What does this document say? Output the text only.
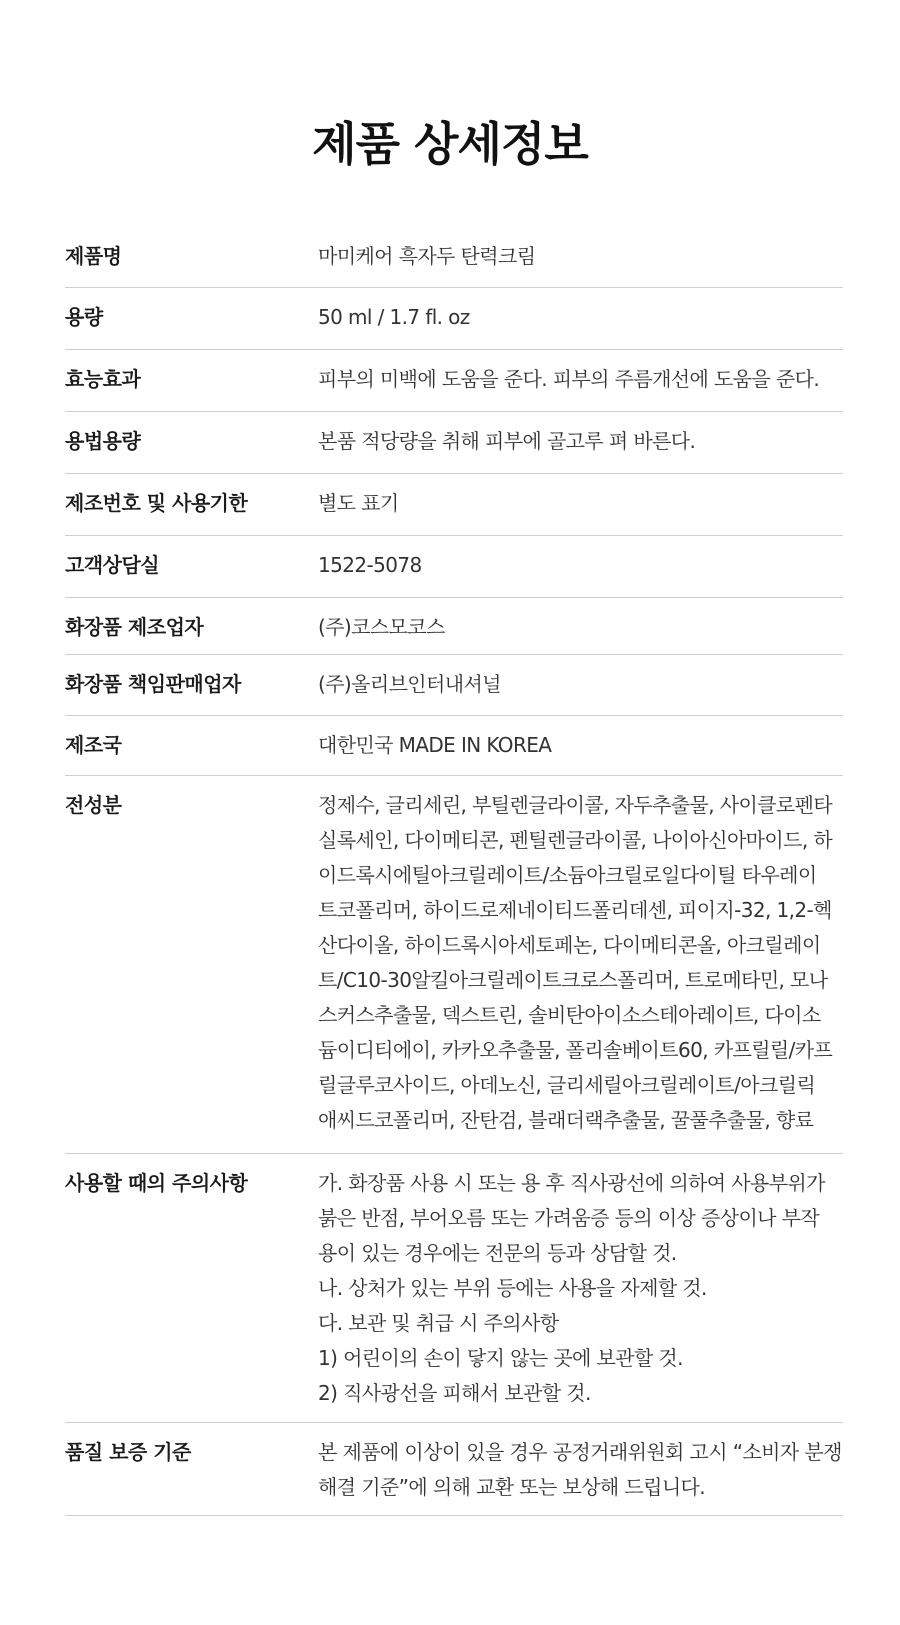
제품 상세정보
제품명	마미케어 흑자두 탄력크림
용량	50 ml / 1.7 fl. oz
효능효과	피부의 미백에 도움을 준다. 피부의 주름개선에 도움을 준다.
용법용량	본품 적당량을 취해 피부에 골고루 펴 바른다.
제조번호 및 사용기한	별도 표기
고객상담실	1522-5078
화장품 제조업자	(주)코스모코스
화장품 책임판매업자	(주)올리브인터내셔널
제조국	대한민국 MADE IN KOREA
전성분	정제수, 글리세린, 부틸렌글라이콜, 자두추출물, 사이클로펜타
실록세인, 다이메티콘, 펜틸렌글라이콜, 나이아신아마이드, 하
이드록시에틸아크릴레이트/소듐아크릴로일다이틸 타우레이
트코폴리머, 하이드로제네이티드폴리데센, 피이지-32, 1,2-헥
산다이올, 하이드록시아세토페논, 다이메티콘올, 아크릴레이
트/C10-30알킬아크릴레이트크로스폴리머, 트로메타민, 모나
스커스추출물, 덱스트린, 솔비탄아이소스테아레이트, 다이소
듐이디티에이, 카카오추출물, 폴리솔베이트60, 카프릴릴/카프
릴글루코사이드, 아데노신, 글리세릴아크릴레이트/아크릴릭
애씨드코폴리머, 잔탄검, 블래더랙추출물, 꿀풀추출물, 향료
사용할 때의 주의사항	가. 화장품 사용 시 또는 용 후 직사광선에 의하여 사용부위가
붉은 반점, 부어오름 또는 가려움증 등의 이상 증상이나 부작
용이 있는 경우에는 전문의 등과 상담할 것.
나. 상처가 있는 부위 등에는 사용을 자제할 것.
다. 보관 및 취급 시 주의사항
1) 어린이의 손이 닿지 않는 곳에 보관할 것.
2) 직사광선을 피해서 보관할 것.
품질 보증 기준	본 제품에 이상이 있을 경우 공정거래위원회 고시 “소비자 분쟁
해결 기준”에 의해 교환 또는 보상해 드립니다.
